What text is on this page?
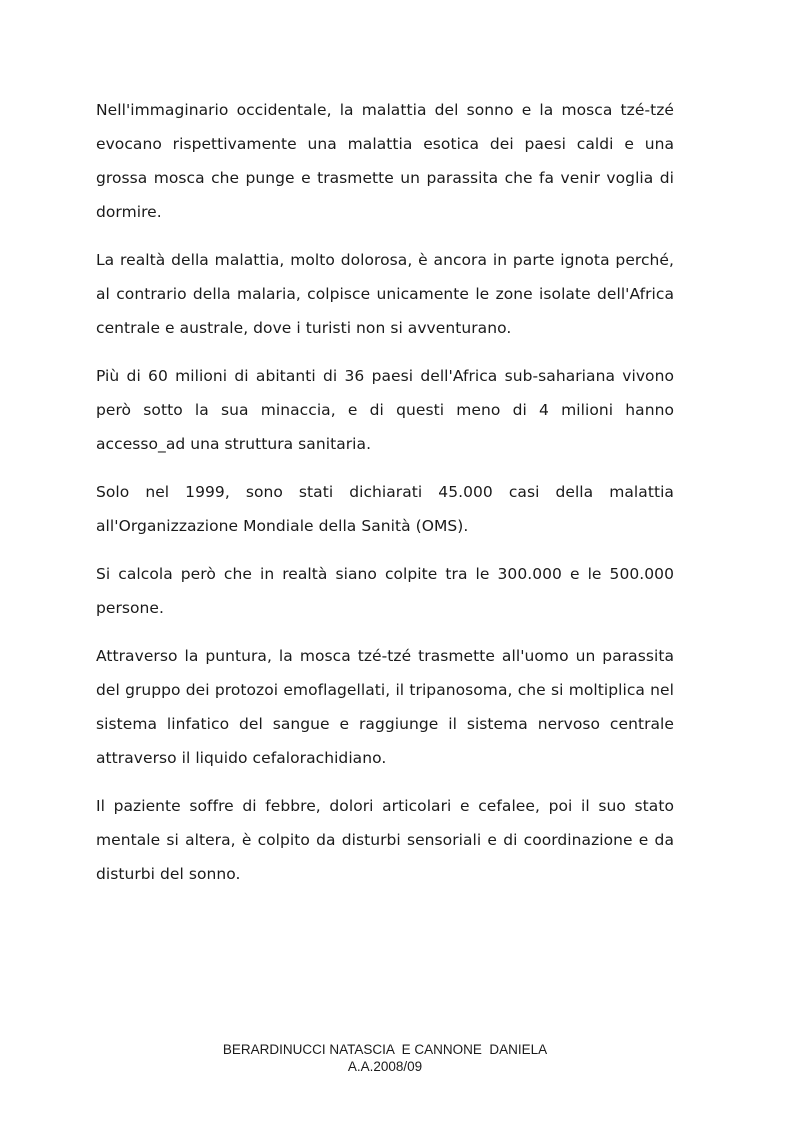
Nell'immaginario occidentale, la malattia del sonno e la mosca tzé-tzé evocano rispettivamente una malattia esotica dei paesi caldi e una grossa mosca che punge e trasmette un parassita che fa venir voglia di dormire.

La realtà della malattia, molto dolorosa, è ancora in parte ignota perché, al contrario della malaria, colpisce unicamente le zone isolate dell'Africa centrale e australe, dove i turisti non si avventurano.

Più di 60 milioni di abitanti di 36 paesi dell'Africa sub-sahariana vivono però sotto la sua minaccia, e di questi meno di 4 milioni hanno accesso_ad una struttura sanitaria.

Solo nel 1999, sono stati dichiarati 45.000 casi della malattia all'Organizzazione Mondiale della Sanità (OMS).

Si calcola però che in realtà siano colpite tra le 300.000 e le 500.000 persone.

Attraverso la puntura, la mosca tzé-tzé trasmette all'uomo un parassita del gruppo dei protozoi emoflagellati, il tripanosoma, che si moltiplica nel sistema linfatico del sangue e raggiunge il sistema nervoso centrale attraverso il liquido cefalorachidiano.

Il paziente soffre di febbre, dolori articolari e cefalee, poi il suo stato mentale si altera, è colpito da disturbi sensoriali e di coordinazione e da disturbi del sonno.

BERARDINUCCI NATASCIA  E CANNONE  DANIELA
A.A.2008/09
